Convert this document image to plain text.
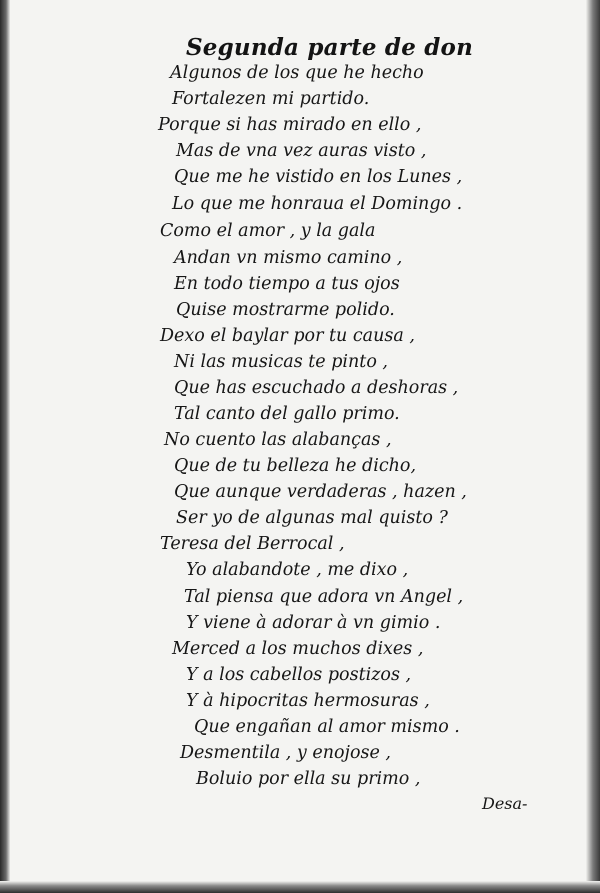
Segunda parte de don
Algunos de los que he hecho
Fortalezen mi partido.
Porque si has mirado en ello ,
Mas de vna vez auras visto ,
Que me he vistido en los Lunes ,
Lo que me honraua el Domingo .
Como el amor , y la gala
Andan vn mismo camino ,
En todo tiempo a tus ojos
Quise mostrarme polido.
Dexo el baylar por tu causa ,
Ni las musicas te pinto ,
Que has escuchado a deshoras ,
Tal canto del gallo primo.
No cuento las alabanças ,
Que de tu belleza he dicho,
Que aunque verdaderas , hazen ,
Ser yo de algunas mal quisto ?
Teresa del Berrocal ,
Yo alabandote , me dixo ,
Tal piensa que adora vn Angel ,
Y viene à adorar à vn gimio .
Merced a los muchos dixes ,
Y a los cabellos postizos ,
Y à hipocritas hermosuras ,
Que engañan al amor mismo .
Desmentila , y enojose ,
Boluio por ella su primo ,
Desa-
